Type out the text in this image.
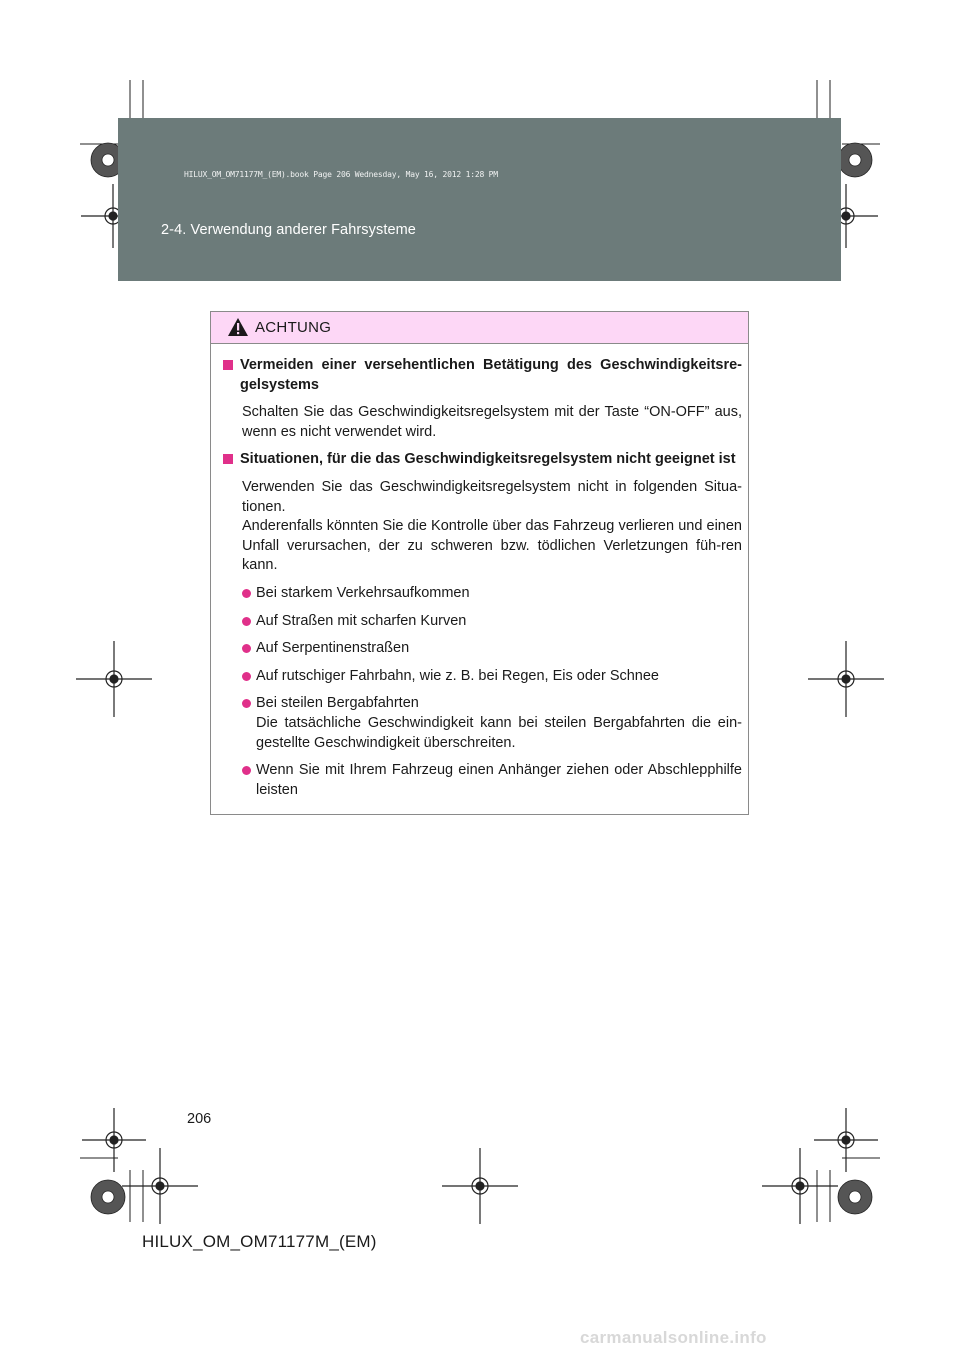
HILUX_OM_OM71177M_(EM).book Page 206 Wednesday, May 16, 2012 1:28 PM
2-4. Verwendung anderer Fahrsysteme
ACHTUNG
Vermeiden einer versehentlichen Betätigung des Geschwindigkeitsre-gelsystems
Schalten Sie das Geschwindigkeitsregelsystem mit der Taste “ON-OFF” aus, wenn es nicht verwendet wird.
Situationen, für die das Geschwindigkeitsregelsystem nicht geeignet ist
Verwenden Sie das Geschwindigkeitsregelsystem nicht in folgenden Situa-tionen.
Anderenfalls könnten Sie die Kontrolle über das Fahrzeug verlieren und einen Unfall verursachen, der zu schweren bzw. tödlichen Verletzungen füh-ren kann.
Bei starkem Verkehrsaufkommen
Auf Straßen mit scharfen Kurven
Auf Serpentinenstraßen
Auf rutschiger Fahrbahn, wie z. B. bei Regen, Eis oder Schnee
Bei steilen Bergabfahrten
Die tatsächliche Geschwindigkeit kann bei steilen Bergabfahrten die ein-gestellte Geschwindigkeit überschreiten.
Wenn Sie mit Ihrem Fahrzeug einen Anhänger ziehen oder Abschlepphilfe leisten
206
HILUX_OM_OM71177M_(EM)
carmanualsonline.info
